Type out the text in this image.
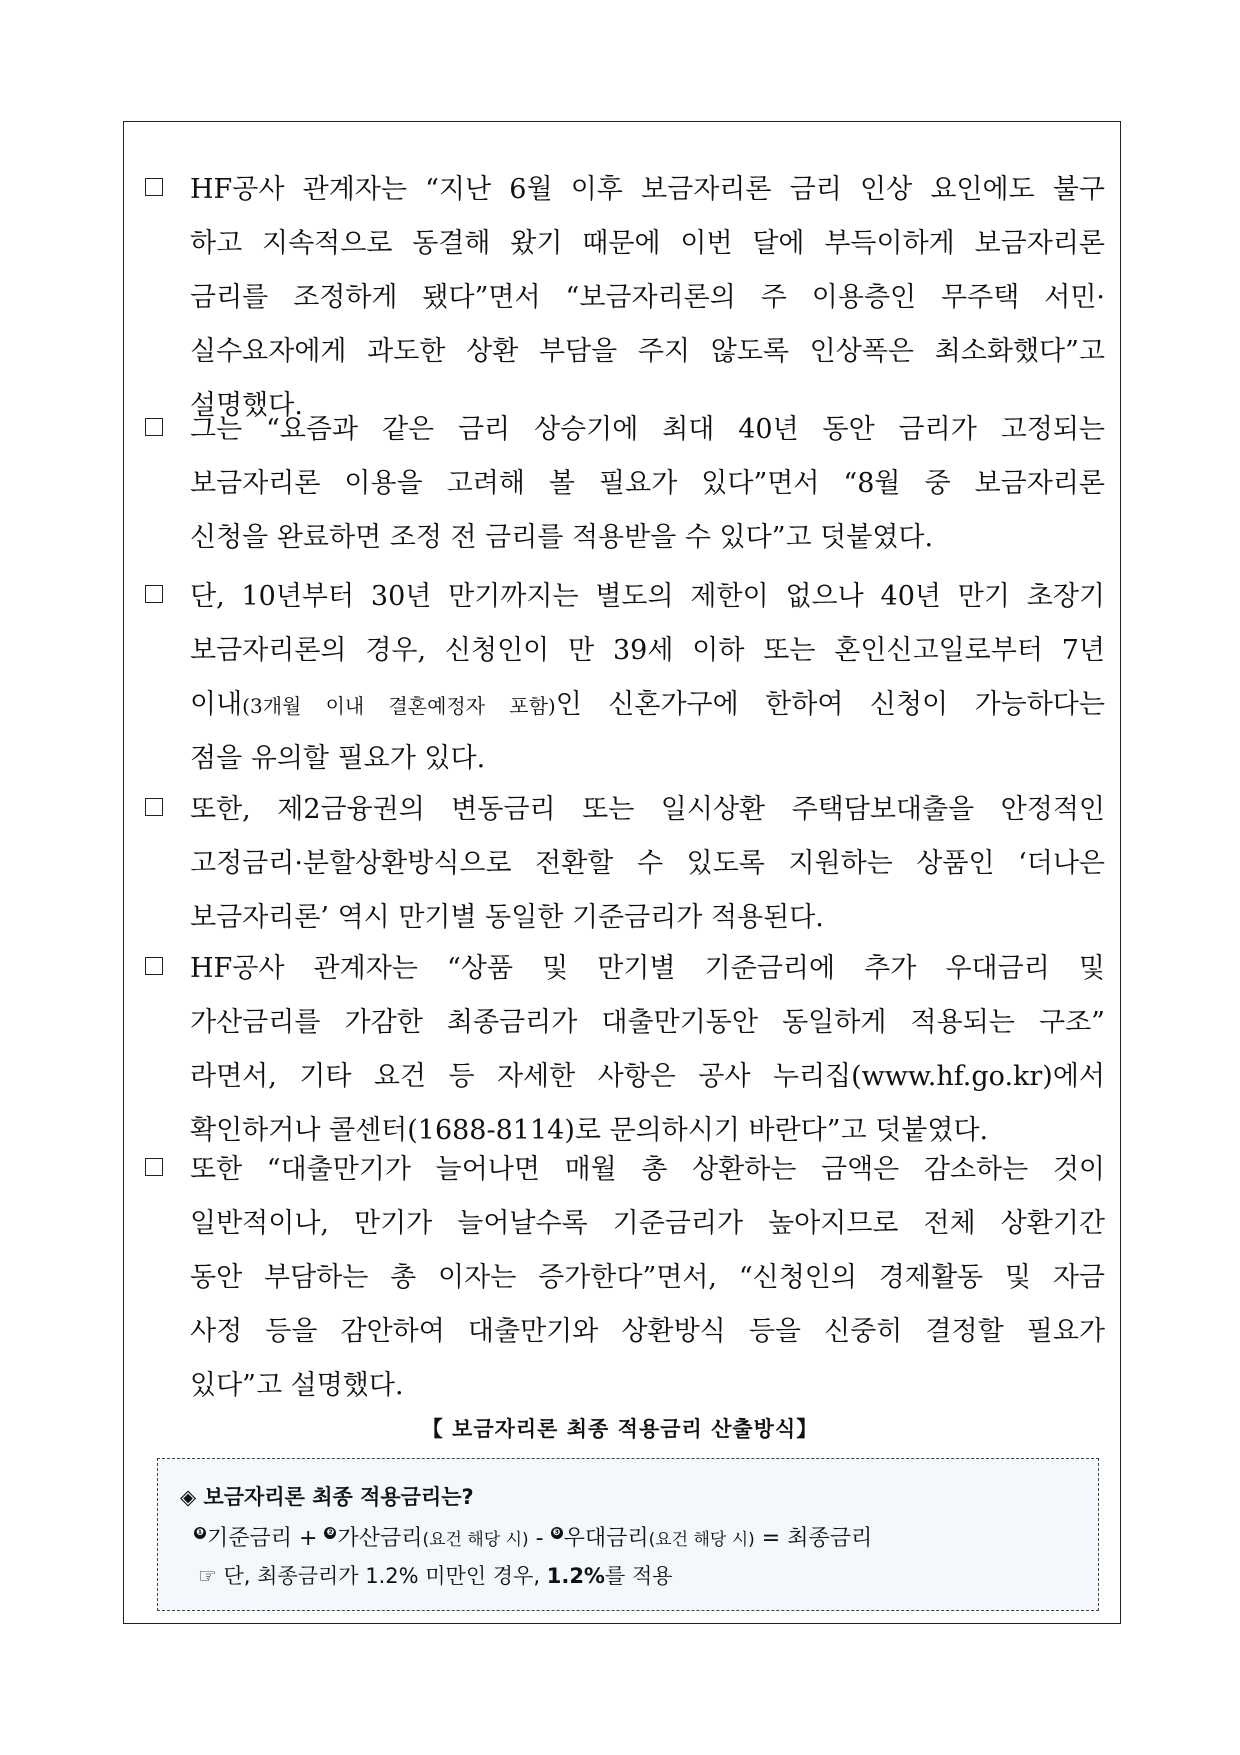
HF공사 관계자는 “지난 6월 이후 보금자리론 금리 인상 요인에도 불구
하고 지속적으로 동결해 왔기 때문에 이번 달에 부득이하게 보금자리론
금리를 조정하게 됐다”면서 “보금자리론의 주 이용층인 무주택 서민·
실수요자에게 과도한 상환 부담을 주지 않도록 인상폭은 최소화했다”고
설명했다.
그는 “요즘과 같은 금리 상승기에 최대 40년 동안 금리가 고정되는
보금자리론 이용을 고려해 볼 필요가 있다”면서 “8월 중 보금자리론
신청을 완료하면 조정 전 금리를 적용받을 수 있다”고 덧붙였다.
단, 10년부터 30년 만기까지는 별도의 제한이 없으나 40년 만기 초장기
보금자리론의 경우, 신청인이 만 39세 이하 또는 혼인신고일로부터 7년
이내(3개월 이내 결혼예정자 포함)인 신혼가구에 한하여 신청이 가능하다는
점을 유의할 필요가 있다.
또한, 제2금융권의 변동금리 또는 일시상환 주택담보대출을 안정적인
고정금리·분할상환방식으로 전환할 수 있도록 지원하는 상품인 ‘더나은
보금자리론’ 역시 만기별 동일한 기준금리가 적용된다.
HF공사 관계자는 “상품 및 만기별 기준금리에 추가 우대금리 및
가산금리를 가감한 최종금리가 대출만기동안 동일하게 적용되는 구조”
라면서, 기타 요건 등 자세한 사항은 공사 누리집(www.hf.go.kr)에서
확인하거나 콜센터(1688-8114)로 문의하시기 바란다”고 덧붙였다.
또한 “대출만기가 늘어나면 매월 총 상환하는 금액은 감소하는 것이
일반적이나, 만기가 늘어날수록 기준금리가 높아지므로 전체 상환기간
동안 부담하는 총 이자는 증가한다”면서, “신청인의 경제활동 및 자금
사정 등을 감안하여 대출만기와 상환방식 등을 신중히 결정할 필요가
있다”고 설명했다.
【 보금자리론 최종 적용금리 산출방식】
◈ 보금자리론 최종 적용금리는?
❶ 기준금리 + ❷ 가산금리(요건 해당 시) - ❸ 우대금리(요건 해당 시) = 최종금리
☞ 단, 최종금리가 1.2% 미만인 경우, 1.2%를 적용
